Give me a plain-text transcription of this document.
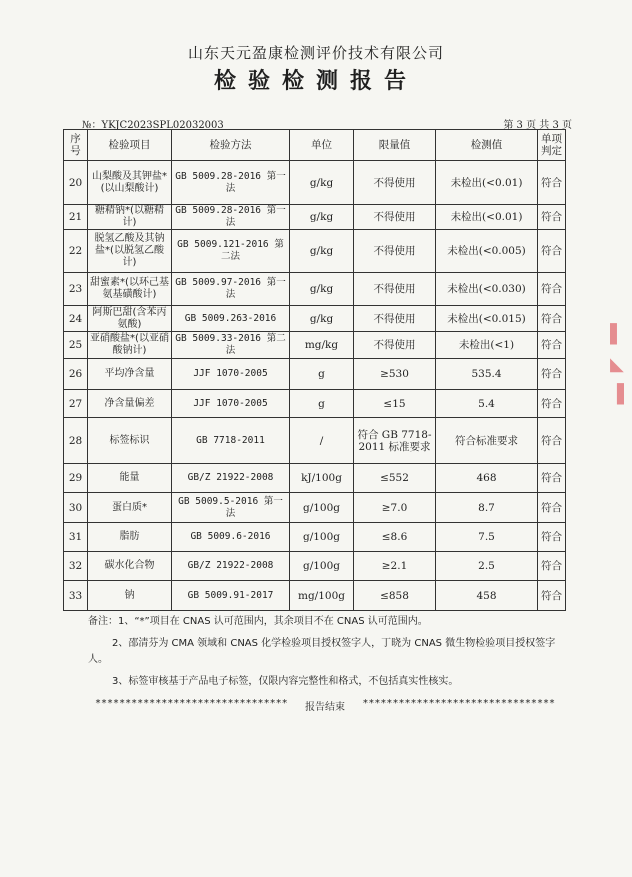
山东天元盈康检测评价技术有限公司
检验检测报告
№：YKJC2023SPL02032003	第 3 页 共 3 页
序号	检验项目	检验方法	单位	限量值	检测值	单项判定
20	山梨酸及其钾盐*(以山梨酸计)	GB 5009.28-2016 第一法	g/kg	不得使用	未检出(<0.01)	符合
21	糖精钠*(以糖精计)	GB 5009.28-2016 第一法	g/kg	不得使用	未检出(<0.01)	符合
22	脱氢乙酸及其钠盐*(以脱氢乙酸计)	GB 5009.121-2016 第二法	g/kg	不得使用	未检出(<0.005)	符合
23	甜蜜素*(以环己基氨基磺酸计)	GB 5009.97-2016 第一法	g/kg	不得使用	未检出(<0.030)	符合
24	阿斯巴甜(含苯丙氨酸)	GB 5009.263-2016	g/kg	不得使用	未检出(<0.015)	符合
25	亚硝酸盐*(以亚硝酸钠计)	GB 5009.33-2016 第二法	mg/kg	不得使用	未检出(<1)	符合
26	平均净含量	JJF 1070-2005	g	≥530	535.4	符合
27	净含量偏差	JJF 1070-2005	g	≤15	5.4	符合
28	标签标识	GB 7718-2011	/	符合 GB 7718-2011 标准要求	符合标准要求	符合
29	能量	GB/Z 21922-2008	kJ/100g	≤552	468	符合
30	蛋白质*	GB 5009.5-2016 第一法	g/100g	≥7.0	8.7	符合
31	脂肪	GB 5009.6-2016	g/100g	≤8.6	7.5	符合
32	碳水化合物	GB/Z 21922-2008	g/100g	≥2.1	2.5	符合
33	钠	GB 5009.91-2017	mg/100g	≤858	458	符合

备注：1、“*”项目在 CNAS 认可范围内，其余项目不在 CNAS 认可范围内。

2、邵清芬为 CMA 领域和 CNAS 化学检验项目授权签字人，丁晓为 CNAS 微生物检验项目授权签字人。

3、标签审核基于产品电子标签，仅限内容完整性和格式，不包括真实性核实。

******************************** 报告结束 ********************************
▌
◣
▐
